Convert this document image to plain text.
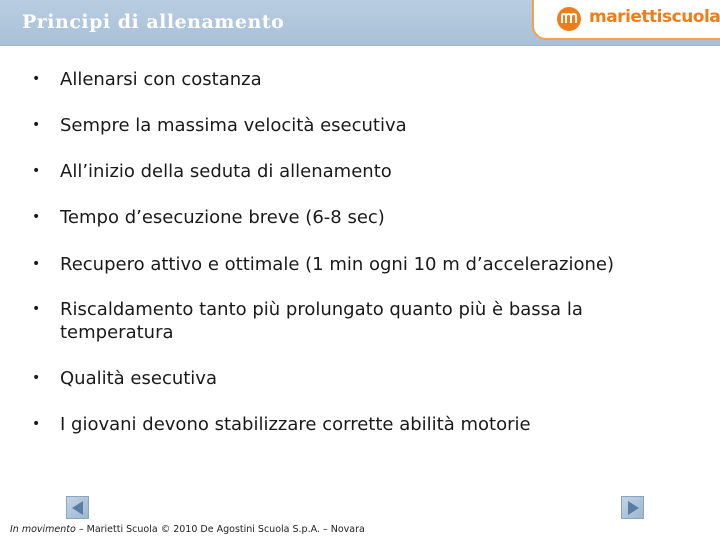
Principi di allenamento	mariettiscuola
• Allenarsi con costanza
• Sempre la massima velocità esecutiva
• All’inizio della seduta di allenamento
• Tempo d’esecuzione breve (6-8 sec)
• Recupero attivo e ottimale (1 min ogni 10 m d’accelerazione)
• Riscaldamento tanto più prolungato quanto più è bassa la temperatura
• Qualità esecutiva
• I giovani devono stabilizzare corrette abilità motorie
In movimento – Marietti Scuola © 2010 De Agostini Scuola S.p.A. – Novara
